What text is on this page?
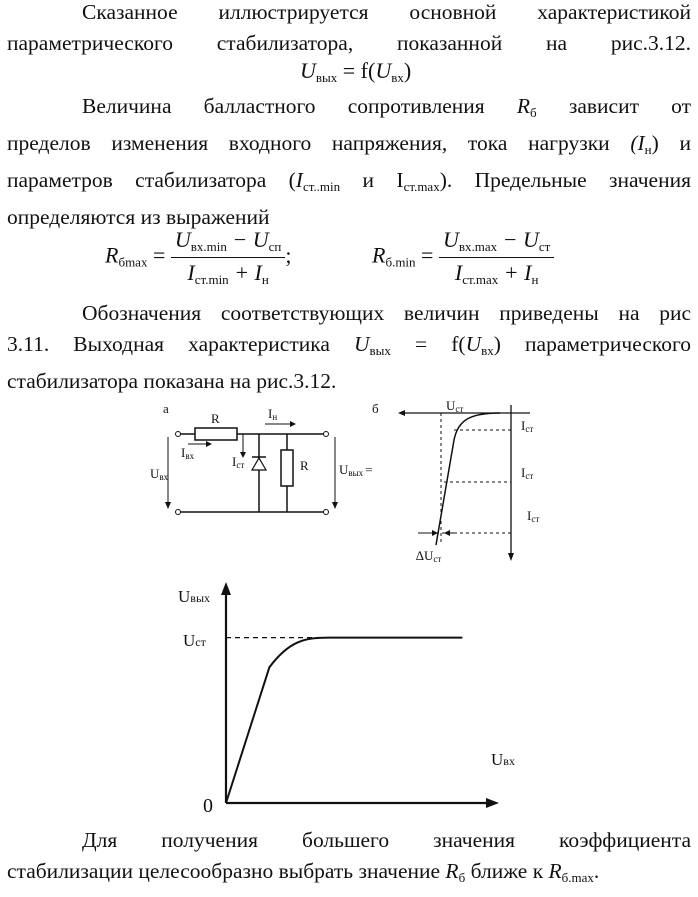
Сказанное иллюстрируется основной характеристикой параметрического стабилизатора, показанной на рис.3.12.
$U_{вых} = f(U_{вх})$
Величина балластного сопротивления $R_б$ зависит от
пределов изменения входного напряжения, тока нагрузки $(I_н)$ и
параметров стабилизатора ($I_{ст..min}$ и $I_{ст.max}$). Предельные значения
определяются из выражений
$R_{бmax} = \frac{U_{вх.min} - U_{сп}}{I_{ст.min} + I_н}$ ;	$R_{б.min} = \frac{U_{вх.max} - U_{ст}}{I_{ст.max} + I_н}$
Обозначения соответствующих величин приведены на рис
3.11. Выходная характеристика $U_{вых} = f(U_{вх})$ параметрического
стабилизатора показана на рис.3.12.
а	Iн
R
Iвх
Uвх
Iст	R Uвых =
б	Uст
Iст
Iст
Iст
∆Uст
Uвых
Uвх
0
Uст
Для получения большего значения коэффициента
стабилизации целесообразно выбрать значение $R_б$ ближе к $R_{б.max}$.
